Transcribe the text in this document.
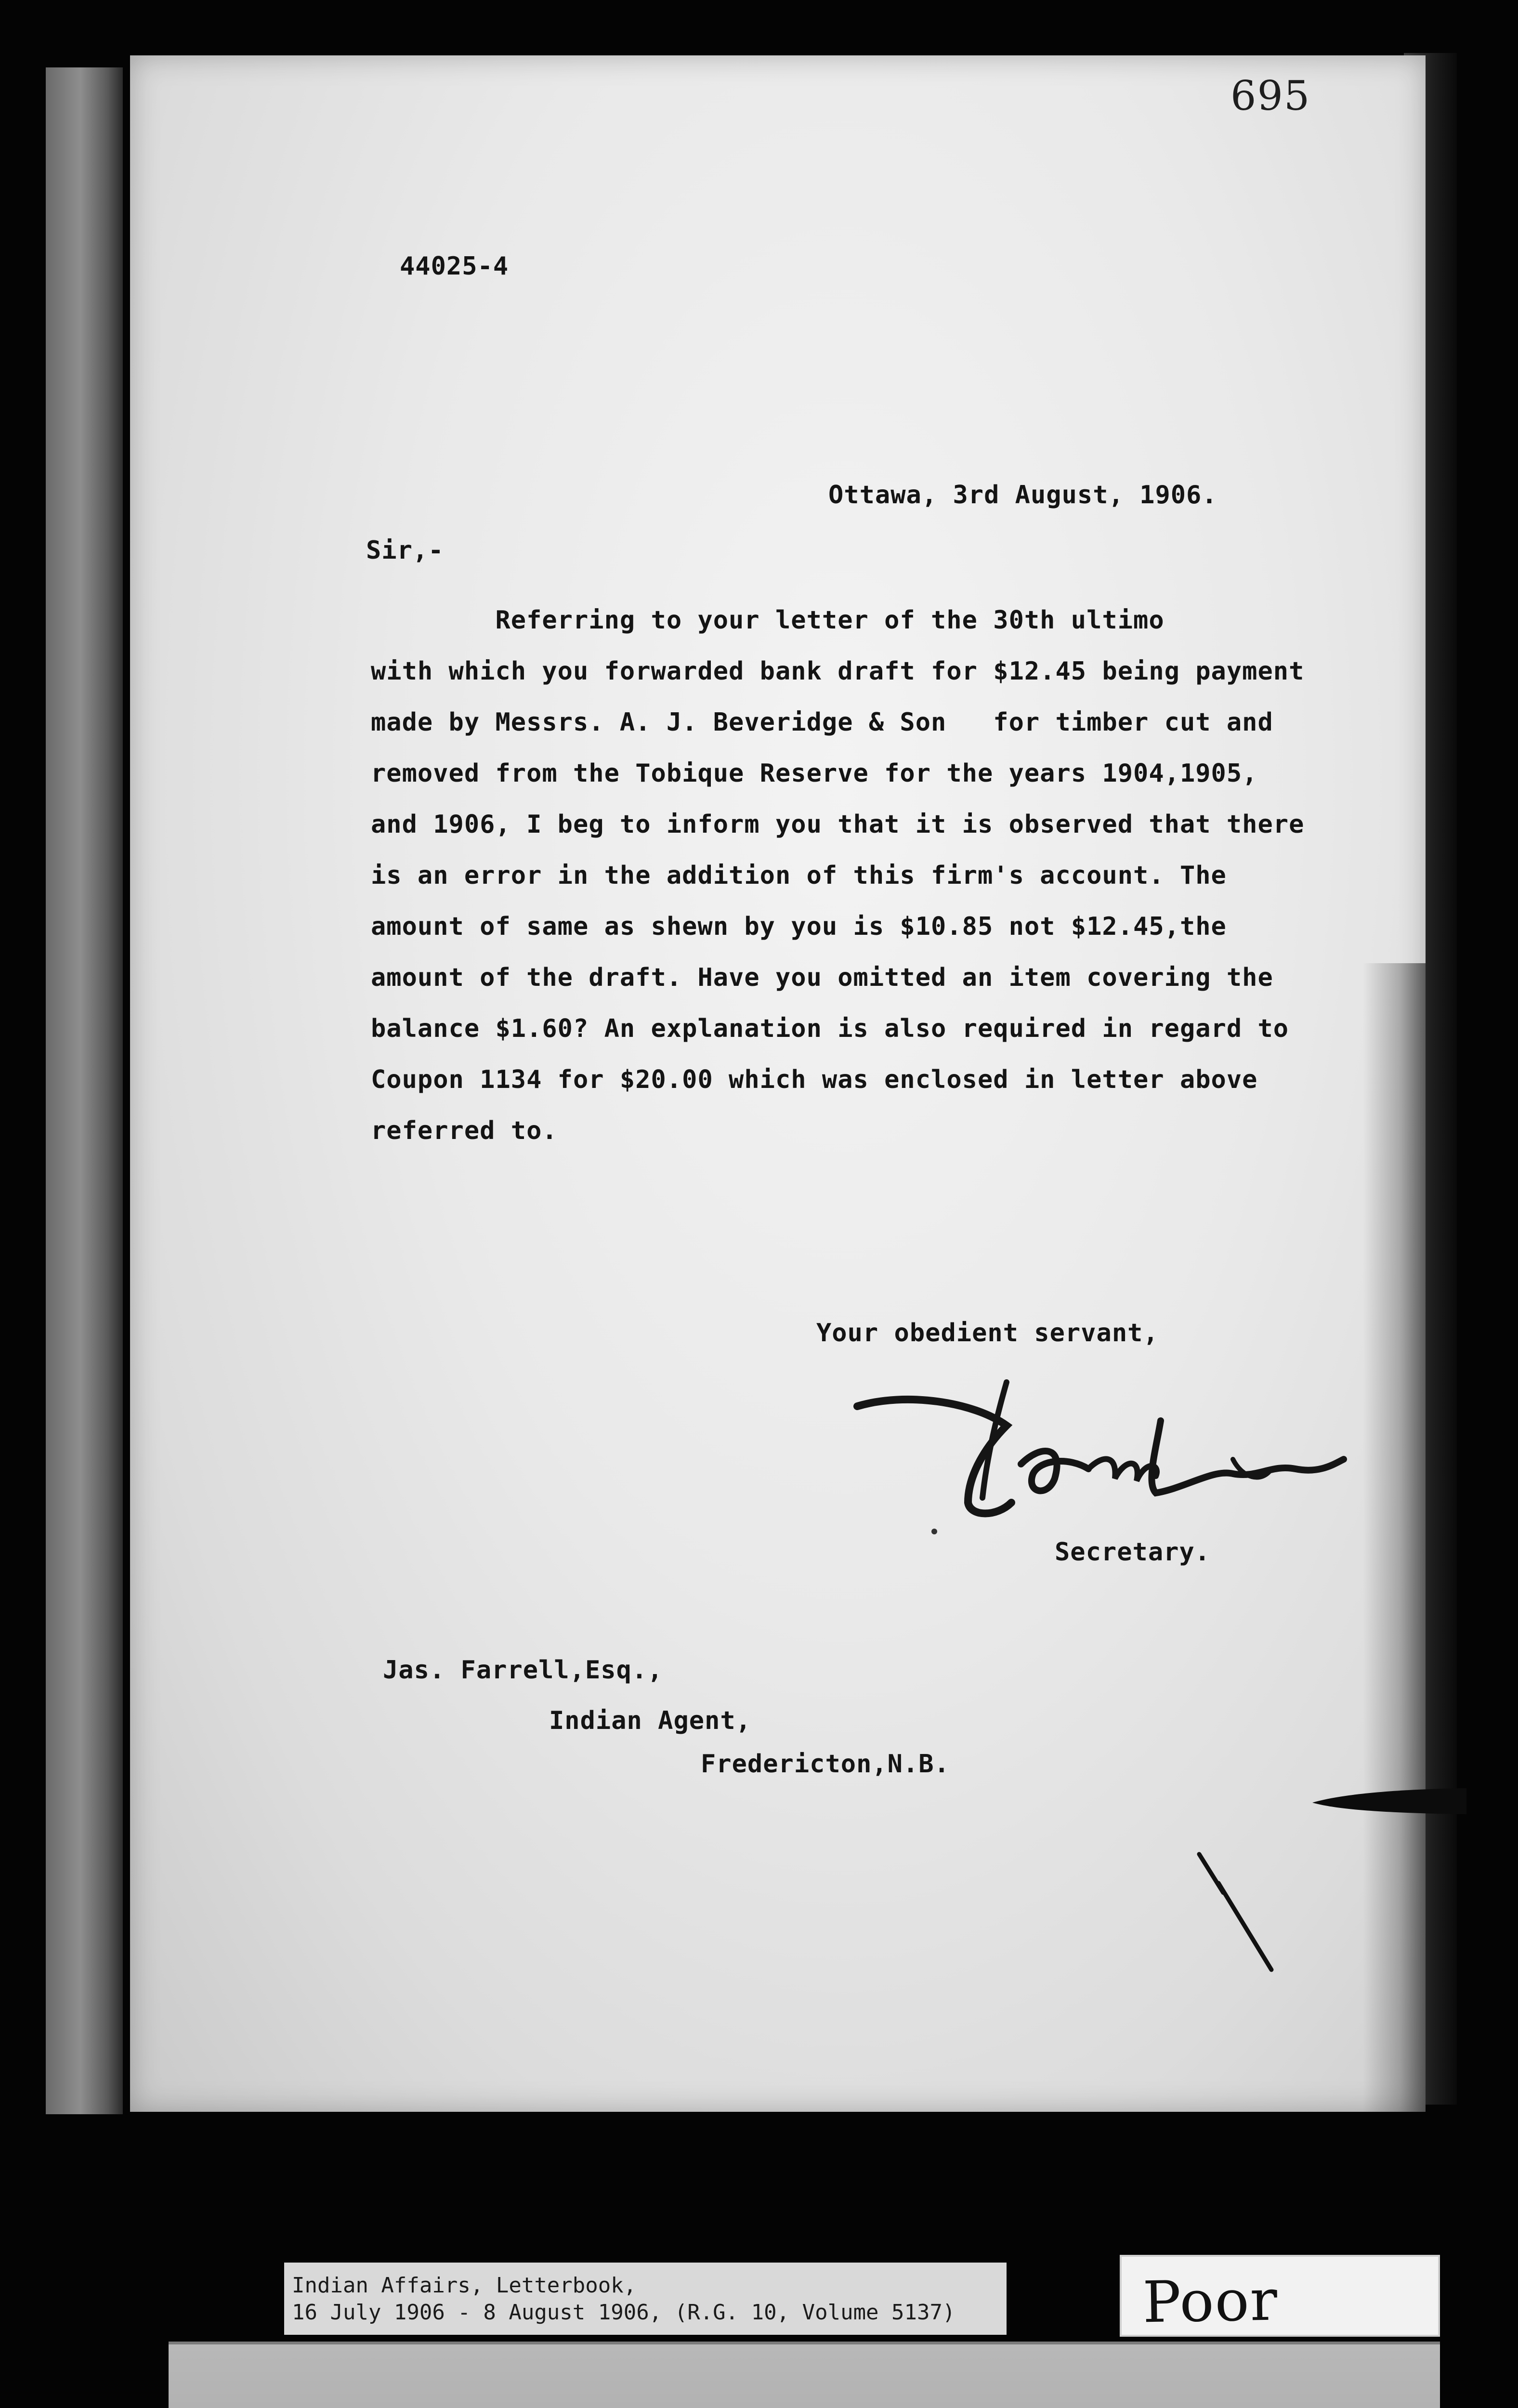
695
44025-4
Ottawa, 3rd August, 1906.
Sir,-
Referring to your letter of the 30th ultimo
with which you forwarded bank draft for $12.45 being payment
made by Messrs. A. J. Beveridge & Son   for timber cut and
removed from the Tobique Reserve for the years 1904,1905,
and 1906, I beg to inform you that it is observed that there
is an error in the addition of this firm's account. The
amount of same as shewn by you is $10.85 not $12.45,the
amount of the draft. Have you omitted an item covering the
balance $1.60? An explanation is also required in regard to
Coupon 1134 for $20.00 which was enclosed in letter above
referred to.
Your obedient servant,
Secretary.
Jas. Farrell,Esq.,
Indian Agent,
Fredericton,N.B.
Indian Affairs, Letterbook,
16 July 1906 - 8 August 1906, (R.G. 10, Volume 5137)	Poor
